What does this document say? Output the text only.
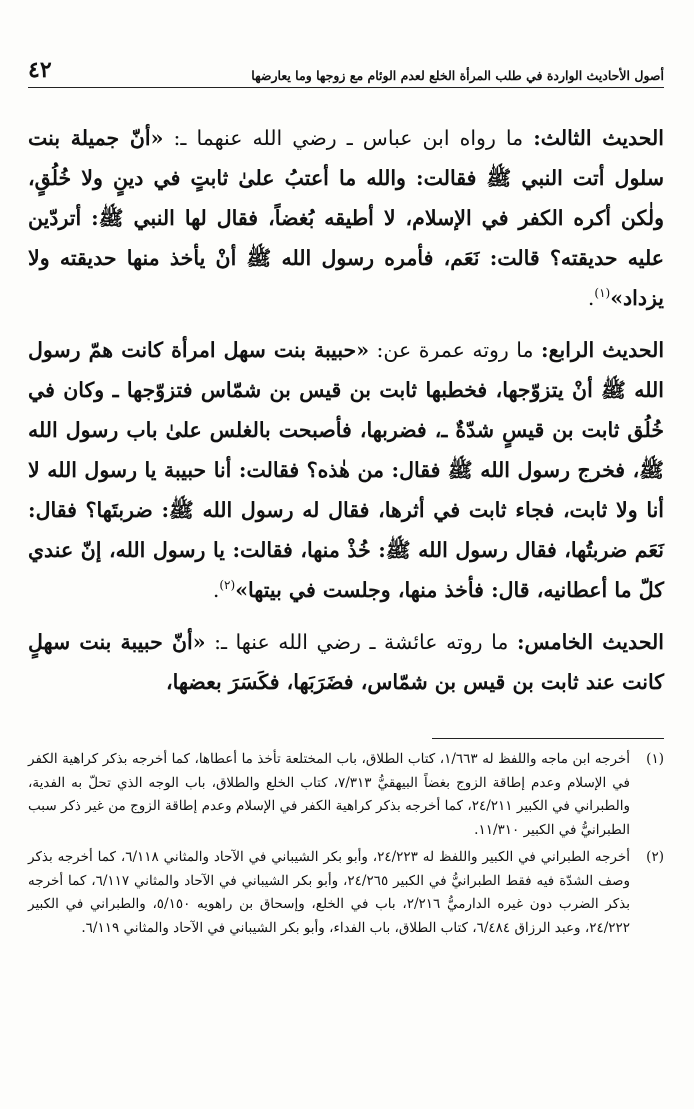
أصول الأحاديث الواردة في طلب المرأة الخلع لعدم الوئام مع زوجها وما يعارضها
٤٢

الحديث الثالث: ما رواه ابن عباس ـ رضي الله عنهما ـ: «أنّ جميلة بنت سلول أتت النبي ﷺ فقالت: والله ما أعتبُ علىٰ ثابتٍ في دينٍ ولا خُلُقٍ، ولٰكن أكره الكفر في الإسلام، لا أطيقه بُغضاً، فقال لها النبي ﷺ: أتردّين عليه حديقته؟ قالت: نَعَم، فأمره رسول الله ﷺ أنْ يأخذ منها حديقته ولا يزداد»$^{(١)}$.

الحديث الرابع: ما روته عمرة عن: «حبيبة بنت سهل امرأة كانت همّ رسول الله ﷺ أنْ يتزوّجها، فخطبها ثابت بن قيس بن شمّاس فتزوّجها ـ وكان في خُلُق ثابت بن قيسٍ شدّةٌ ـ، فضربها، فأصبحت بالغلس علىٰ باب رسول الله ﷺ، فخرج رسول الله ﷺ فقال: من هٰذه؟ فقالت: أنا حبيبة يا رسول الله لا أنا ولا ثابت، فجاء ثابت في أثرها، فقال له رسول الله ﷺ: ضربتَها؟ فقال: نَعَم ضربتُها، فقال رسول الله ﷺ: خُذْ منها، فقالت: يا رسول الله، إنّ عندي كلّ ما أعطانيه، قال: فأخذ منها، وجلست في بيتها»$^{(٢)}$.

الحديث الخامس: ما روته عائشة ـ رضي الله عنها ـ: «أنّ حبيبة بنت سهلٍ كانت عند ثابت بن قيس بن شمّاس، فضَرَبَها، فكَسَرَ بعضها،

(١)
أخرجه ابن ماجه واللفظ له ١/٦٦٣، كتاب الطلاق، باب المختلعة تأخذ ما أعطاها، كما أخرجه بذكر كراهية الكفر في الإسلام وعدم إطاقة الزوج بغضاً البيهقيُّ ٧/٣١٣، كتاب الخلع والطلاق، باب الوجه الذي تحلّ به الفدية، والطبراني في الكبير ٢٤/٢١١، كما أخرجه بذكر كراهية الكفر في الإسلام وعدم إطاقة الزوج من غير ذكر سبب الطبرانيُّ في الكبير ١١/٣١٠.
(٢)
أخرجه الطبراني في الكبير واللفظ له ٢٤/٢٢٣، وأبو بكر الشيباني في الآحاد والمثاني ٦/١١٨، كما أخرجه بذكر وصف الشدّة فيه فقط الطبرانيُّ في الكبير ٢٤/٢٦٥، وأبو بكر الشيباني في الآحاد والمثاني ٦/١١٧، كما أخرجه بذكر الضرب دون غيره الدارميُّ ٢/٢١٦، باب في الخلع، وإسحاق بن راهويه ٥/١٥٠، والطبراني في الكبير ٢٤/٢٢٢، وعبد الرزاق ٦/٤٨٤، كتاب الطلاق، باب الفداء، وأبو بكر الشيباني في الآحاد والمثاني ٦/١١٩.
